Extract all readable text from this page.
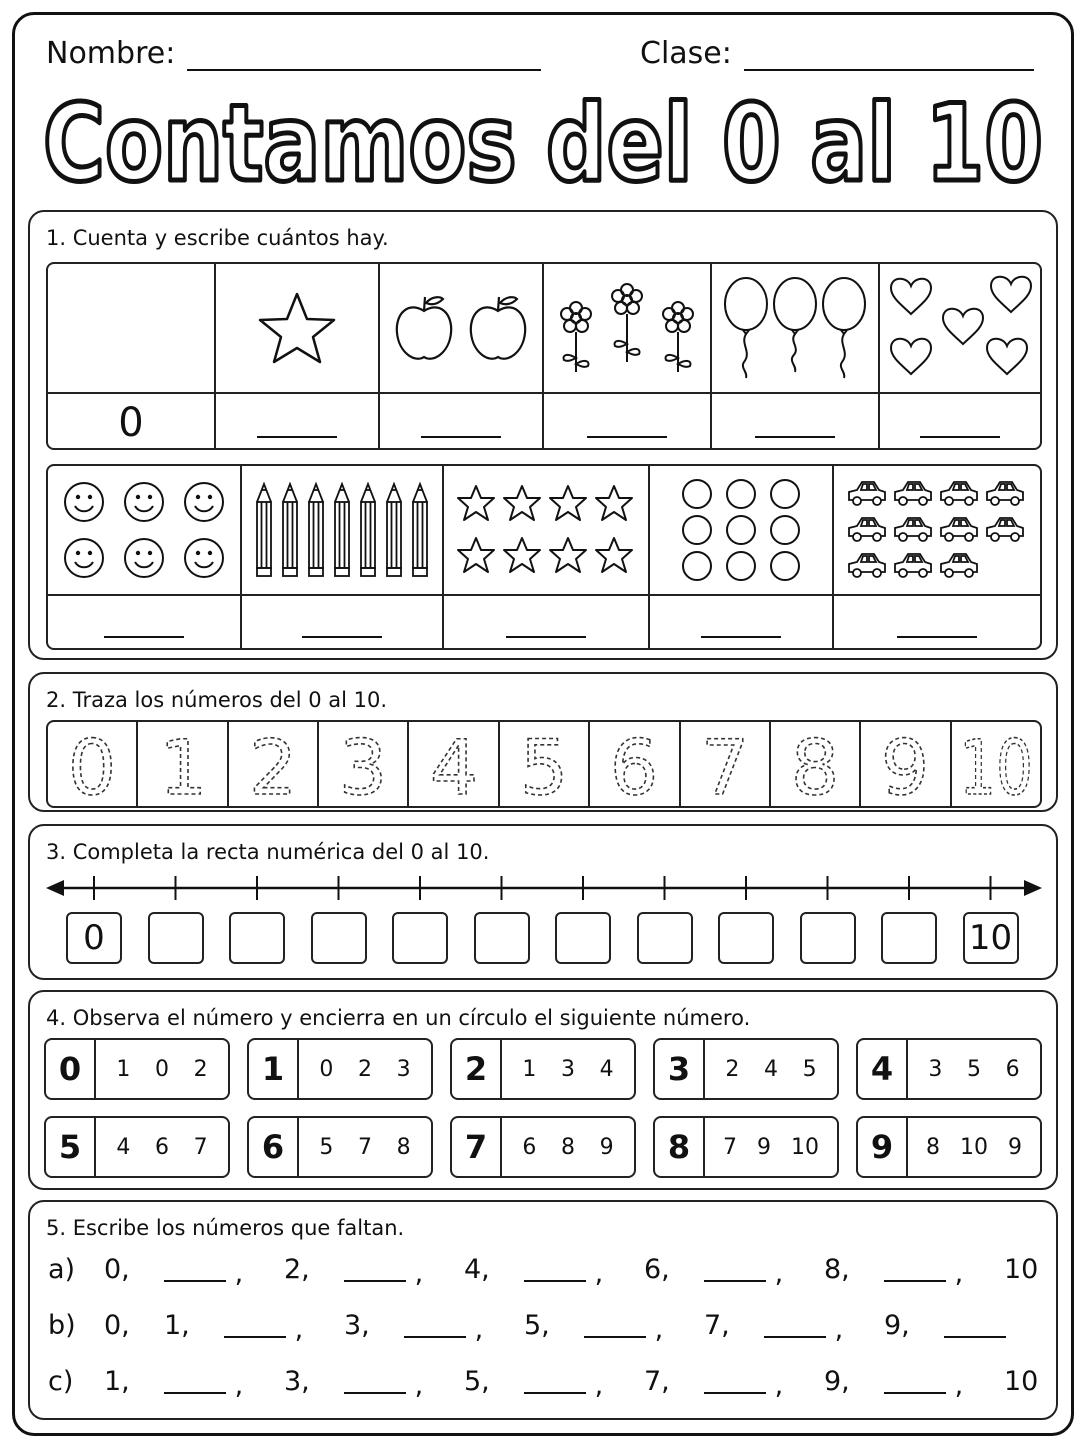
Nombre:	Clase:
Contamos del 0 al 10
1. Cuenta y escribe cuántos hay.
0
2. Traza los números del 0 al 10.
0 1 2 3 4 5 6 7 8 9 10
3. Completa la recta numérica del 0 al 10.
0	10
4. Observa el número y encierra en un círculo el siguiente número.
0	1 0 2	1	0 2 3	2	1 3 4	3	2 4 5	4	3 5 6
5	4 6 7	6	5 7 8	7	6 8 9	8	7 9 10	9	8 10 9
5. Escribe los números que faltan.
a) 0,	, 2,	, 4,	, 6,	, 8,	, 10
b) 0, 1,	, 3,	, 5,	, 7,	, 9,
c) 1,	, 3,	, 5,	, 7,	, 9,	, 10
